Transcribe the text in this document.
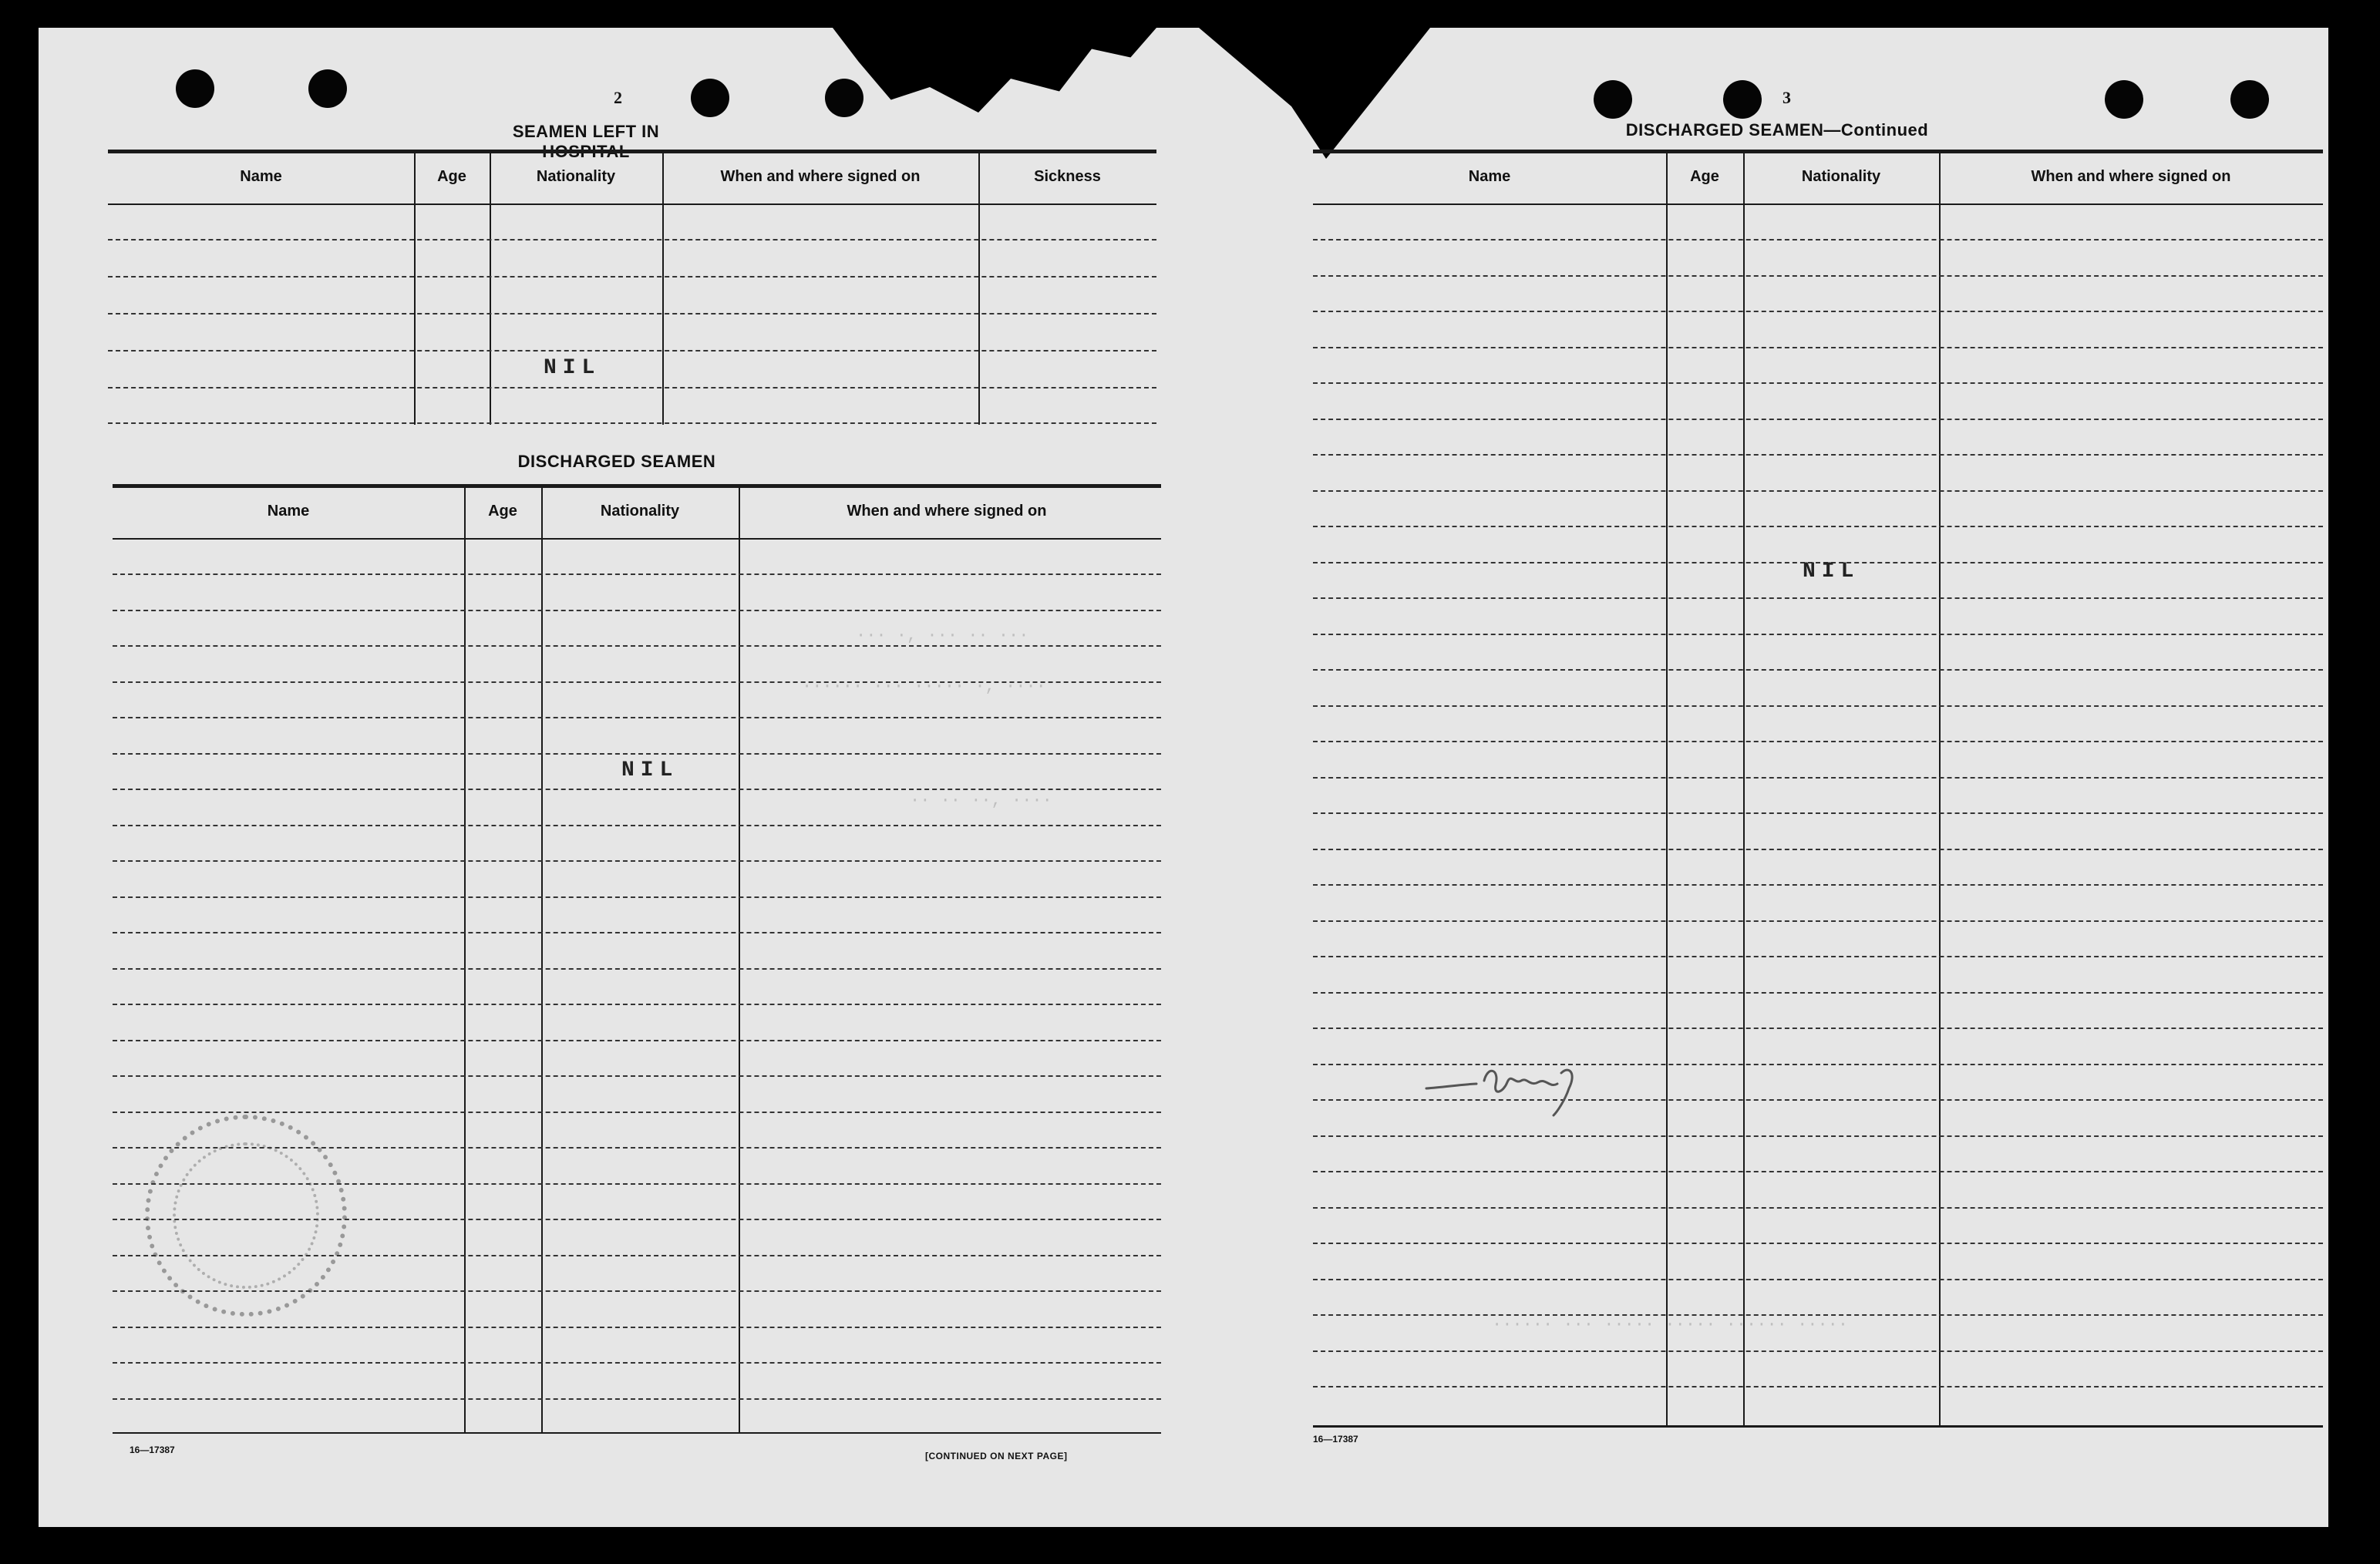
2
SEAMEN LEFT IN
Name	Age	Nationality	When and where signed on	Sickness
NIL
DISCHARGED SEAMEN
Name	Age	Nationality	When and where signed on
NIL
··· ·, ··· ·· ···
······ ··· ····· ·, ····
·· ·· ··, ····
16—17387
[CONTINUED ON NEXT PAGE]
3
DISCHARGED SEAMEN—Continued
Name	Age	Nationality	When and where signed on
NIL
······ ··· ····· ····· ······ ·····
16—17387
